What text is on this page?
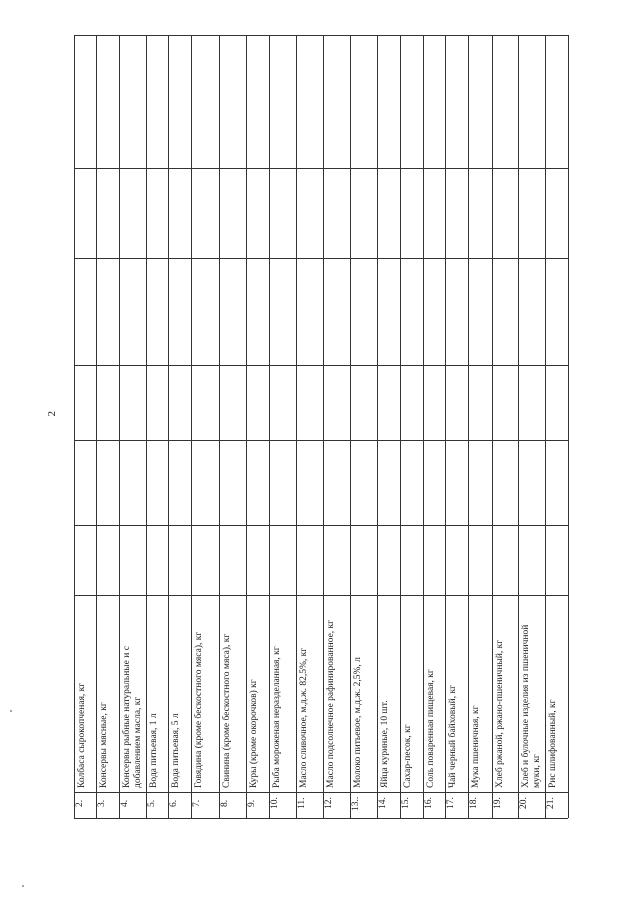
2
Колбаса сырокопченая, кг
2.
Консервы мясные, кг
3.
Консервы рыбные натуральные и с добавлением масла, кг
4.
Вода питьевая, 1 л
5.
Вода питьевая, 5 л
6.
Говядина (кроме бескостного мяса), кг
7.
Свинина (кроме бескостного мяса), кг
8.
Куры (кроме окорочков) кг
9.
Рыба мороженая неразделанная, кг
10.
Масло сливочное, м.д.ж. 82,5%, кг
11.
Масло подсолнечное рафинированное, кг
12.
Молоко питьевое, м.д.ж. 2,5%, л
13..
Яйца куриные, 10 шт.
14.
Сахар-песок, кг
15.
Соль поваренная пищевая, кг
16.
Чай черный байховый, кг
17.
Мука пшеничная, кг
18.
Хлеб ржаной, ржано-пшеничный, кг
19.
Хлеб и булочные изделия из пшеничной муки, кг
20.
Рис шлифованный, кг
21.
